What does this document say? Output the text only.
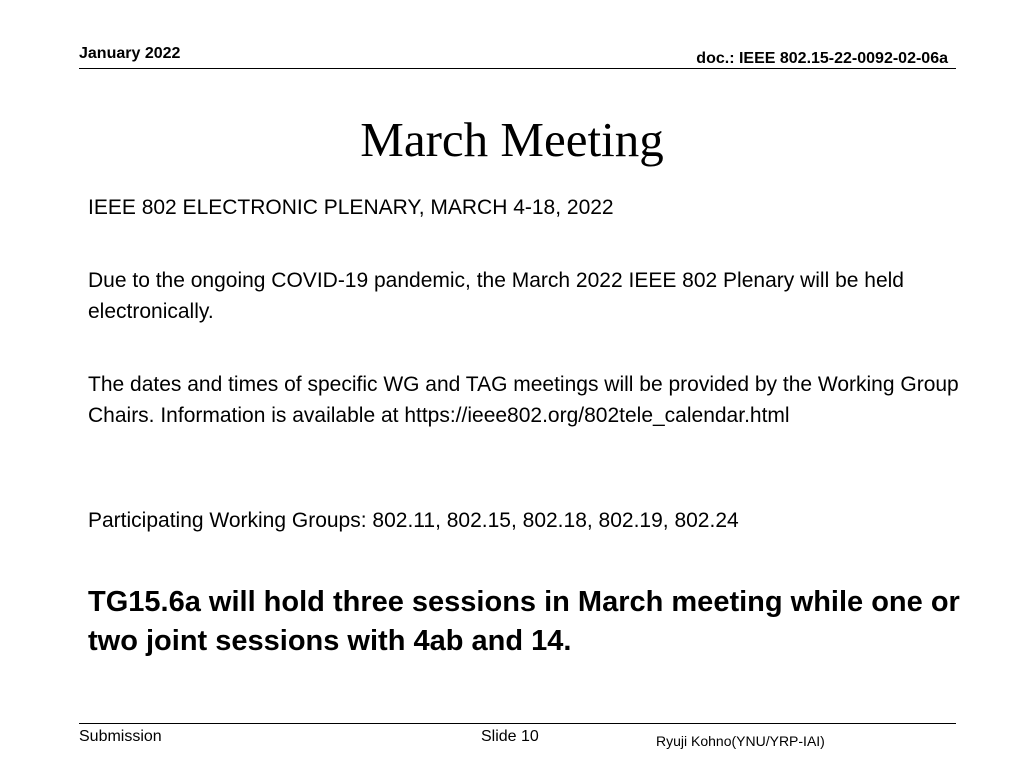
January 2022	doc.: IEEE 802.15-22-0092-02-06a
March Meeting

IEEE 802 ELECTRONIC PLENARY, MARCH 4-18, 2022

Due to the ongoing COVID-19 pandemic, the March 2022 IEEE 802 Plenary will be held electronically.

The dates and times of specific WG and TAG meetings will be provided by the Working Group Chairs. Information is available at https://ieee802.org/802tele_calendar.html

Participating Working Groups: 802.11, 802.15, 802.18, 802.19, 802.24

TG15.6a will hold three sessions in March meeting while one or two joint sessions with 4ab and 14.

Submission	Slide 10	Ryuji Kohno(YNU/YRP-IAI)
